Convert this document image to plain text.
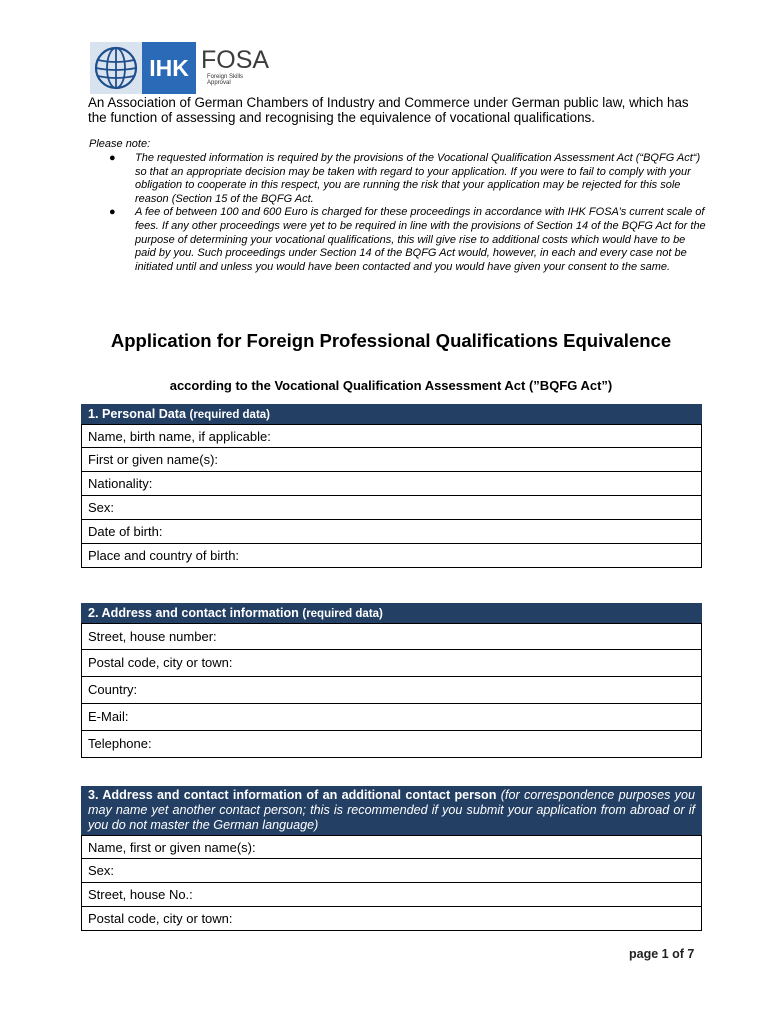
IHK FOSA
Foreign Skills Approval

An Association of German Chambers of Industry and Commerce under German public law, which has the function of assessing and recognising the equivalence of vocational qualifications.

Please note:

● The requested information is required by the provisions of the Vocational Qualification Assessment Act (“BQFG Act“) so that an appropriate decision may be taken with regard to your application. If you were to fail to comply with your obligation to cooperate in this respect, you are running the risk that your application may be rejected for this sole reason (Section 15 of the BQFG Act.
● A fee of between 100 and 600 Euro is charged for these proceedings in accordance with IHK FOSA’s current scale of fees. If any other proceedings were yet to be required in line with the provisions of Section 14 of the BQFG Act for the purpose of determining your vocational qualifications, this will give rise to additional costs which would have to be paid by you. Such proceedings under Section 14 of the BQFG Act would, however, in each and every case not be initiated until and unless you would have been contacted and you would have given your consent to the same.
Application for Foreign Professional Qualifications Equivalence

according to the Vocational Qualification Assessment Act (”BQFG Act”)

1. Personal Data (required data)
Name, birth name, if applicable:
First or given name(s):
Nationality:
Sex:
Date of birth:
Place and country of birth:
2. Address and contact information (required data)
Street, house number:
Postal code, city or town:
Country:
E-Mail:
Telephone:
3. Address and contact information of an additional contact person (for correspondence purposes you may name yet another contact person; this is recommended if you submit your application from abroad or if you do not master the German language)
Name, first or given name(s):
Sex:
Street, house No.:
Postal code, city or town:
page 1 of 7
